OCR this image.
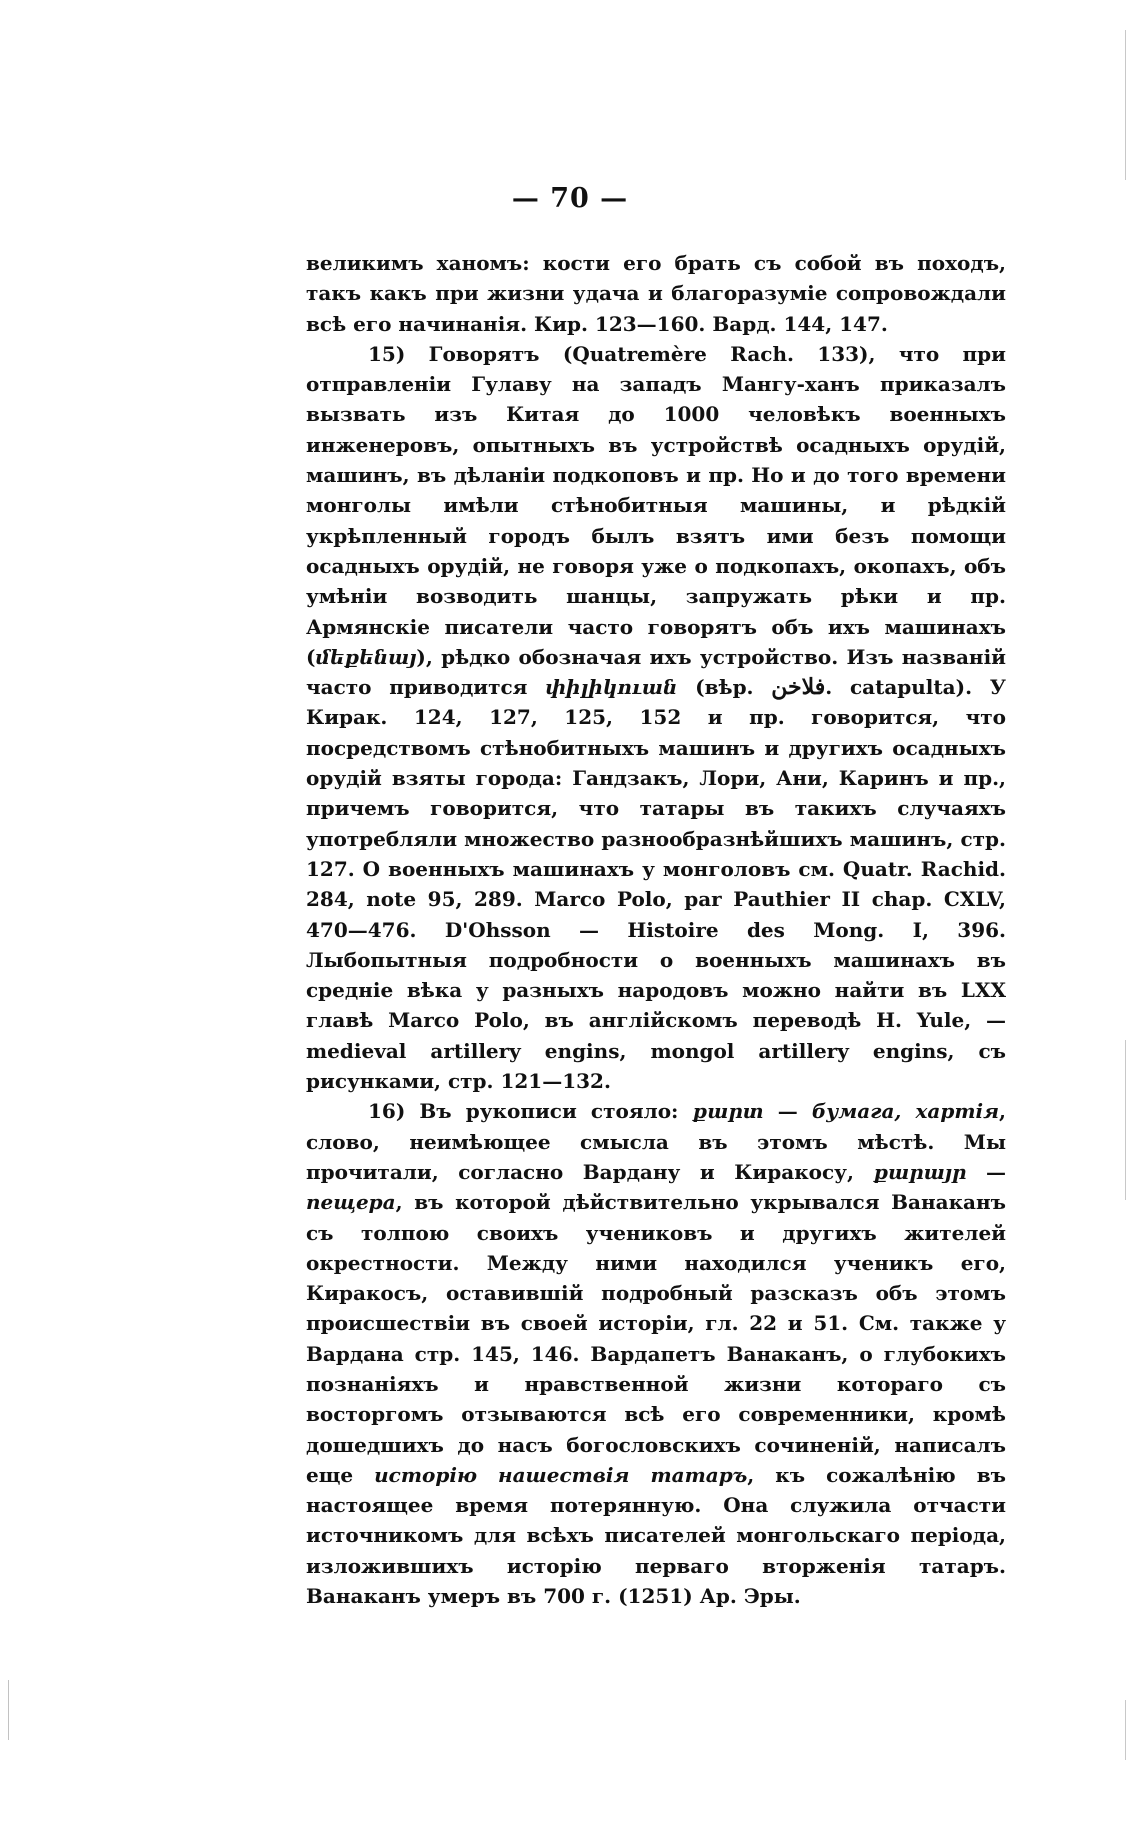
— 70 —

великимъ ханомъ: кости его брать съ собой въ походъ, такъ какъ при жизни удача и благоразуміе сопровождали всѣ его начинанія. Кир. 123—160. Вард. 144, 147.

15) Говорятъ (Quatremère Rach. 133), что при отправленіи Гулаву на западъ Мангу-ханъ приказалъ вызвать изъ Китая до 1000 человѣкъ военныхъ инженеровъ, опытныхъ въ устройствѣ осадныхъ орудій, машинъ, въ дѣланіи подкоповъ и пр. Но и до того времени монголы имѣли стѣнобитныя машины, и рѣдкій укрѣпленный городъ былъ взятъ ими безъ помощи осадныхъ орудій, не говоря уже о подкопахъ, окопахъ, объ умѣніи возводить шанцы, запружать рѣки и пр. Армянскіе писатели часто говорятъ объ ихъ машинахъ (մեքենայ), рѣдко обозначая ихъ устройство. Изъ названій часто приводится փիլիկուան (вѣр. فلاخن. catapulta). У Кирак. 124, 127, 125, 152 и пр. говорится, что посредствомъ стѣнобитныхъ машинъ и другихъ осадныхъ орудій взяты города: Гандзакъ, Лори, Ани, Каринъ и пр., причемъ говорится, что татары въ такихъ случаяхъ употребляли множество разнообразнѣйшихъ машинъ, стр. 127. О военныхъ машинахъ у монголовъ см. Quatr. Rachid. 284, note 95, 289. Marco Polo, par Pauthier II chap. CXLV, 470—476. D'Ohsson — Histoire des Mong. I, 396. Лыбопытныя подробности о военныхъ машинахъ въ средніе вѣка у разныхъ народовъ можно найти въ LXX главѣ Marco Polo, въ англійскомъ переводѣ H. Yule, — medieval artillery engins, mongol artillery engins, съ рисунками, стр. 121—132.

16) Въ рукописи стояло: քարտ — бумага, хартія, слово, неимѣющее смысла въ этомъ мѣстѣ. Мы прочитали, согласно Вардану и Киракосу, քարայր — пещера, въ которой дѣйствительно укрывался Ванаканъ съ толпою своихъ учениковъ и другихъ жителей окрестности. Между ними находился ученикъ его, Киракосъ, оставившій подробный разсказъ объ этомъ происшествіи въ своей исторіи, гл. 22 и 51. См. также у Вардана стр. 145, 146. Вардапетъ Ванаканъ, о глубокихъ познаніяхъ и нравственной жизни котораго съ восторгомъ отзываются всѣ его современники, кромѣ дошедшихъ до насъ богословскихъ сочиненій, написалъ еще исторію нашествія татаръ, къ сожалѣнію въ настоящее время потерянную. Она служила отчасти источникомъ для всѣхъ писателей монгольскаго періода, изложившихъ исторію перваго вторженія татаръ. Ванаканъ умеръ въ 700 г. (1251) Ар. Эры.
